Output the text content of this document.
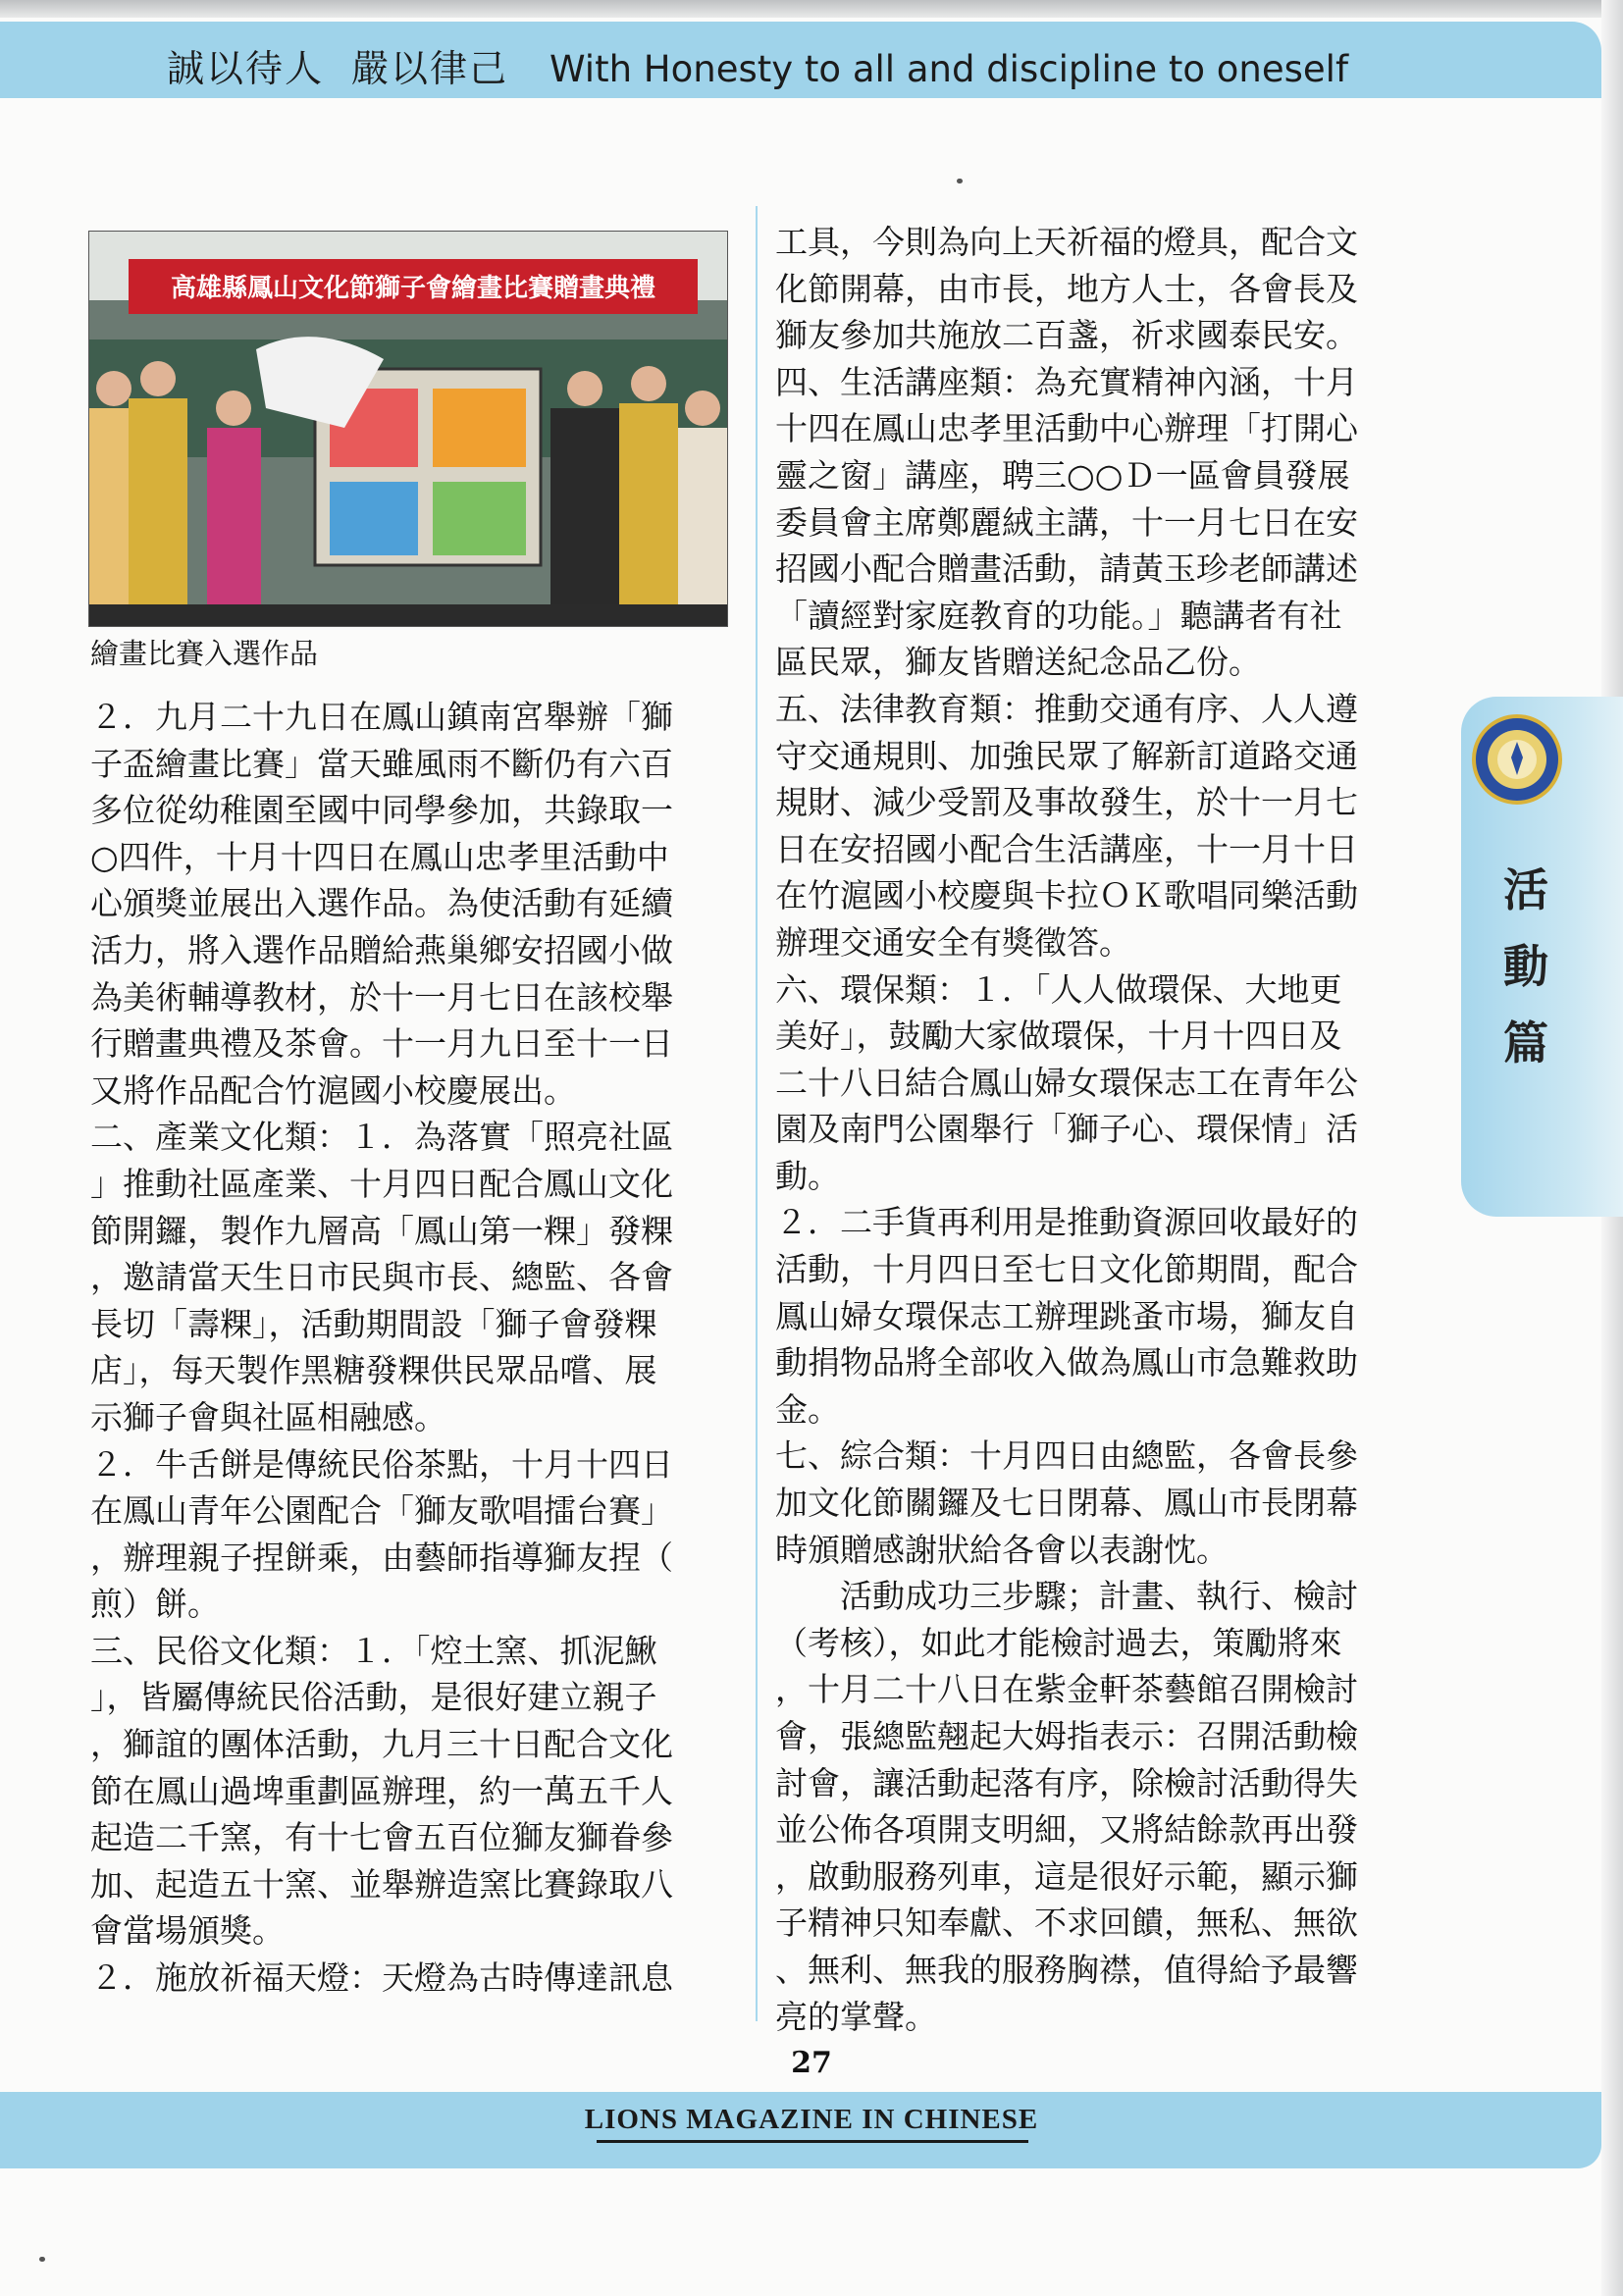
誠以待人 嚴以律己 With Honesty to all and discipline to oneself
高雄縣鳳山文化節獅子會繪畫比賽贈畫典禮
繪畫比賽入選作品

２．九月二十九日在鳳山鎮南宮舉辦「獅

子盃繪畫比賽」當天雖風雨不斷仍有六百

多位從幼稚園至國中同學參加，共錄取一

○四件，十月十四日在鳳山忠孝里活動中

心頒獎並展出入選作品。為使活動有延續

活力，將入選作品贈給燕巢鄉安招國小做

為美術輔導教材，於十一月七日在該校舉

行贈畫典禮及茶會。十一月九日至十一日

又將作品配合竹滬國小校慶展出。

二、產業文化類：１．為落實「照亮社區

」推動社區產業、十月四日配合鳳山文化

節開鑼，製作九層高「鳳山第一粿」發粿

，邀請當天生日市民與市長、總監、各會

長切「壽粿」，活動期間設「獅子會發粿

店」，每天製作黑糖發粿供民眾品嚐、展

示獅子會與社區相融感。

２．牛舌餅是傳統民俗茶點，十月十四日

在鳳山青年公園配合「獅友歌唱擂台賽」

，辦理親子捏餅乘，由藝師指導獅友捏（

煎）餅。

三、民俗文化類：１．「焢土窯、抓泥鰍

」，皆屬傳統民俗活動，是很好建立親子

，獅誼的團体活動，九月三十日配合文化

節在鳳山過埤重劃區辦理，約一萬五千人

起造二千窯，有十七會五百位獅友獅眷參

加、起造五十窯、並舉辦造窯比賽錄取八

會當場頒獎。

２．施放祈福天燈：天燈為古時傳達訊息

工具，今則為向上天祈福的燈具，配合文

化節開幕，由市長，地方人士，各會長及

獅友參加共施放二百盞，祈求國泰民安。

四、生活講座類：為充實精神內涵，十月

十四在鳳山忠孝里活動中心辦理「打開心

靈之窗」講座，聘三○○Ｄ一區會員發展

委員會主席鄭麗絨主講，十一月七日在安

招國小配合贈畫活動，請黃玉珍老師講述

「讀經對家庭教育的功能。」聽講者有社

區民眾，獅友皆贈送紀念品乙份。

五、法律教育類：推動交通有序、人人遵

守交通規則、加強民眾了解新訂道路交通

規財、減少受罰及事故發生，於十一月七

日在安招國小配合生活講座，十一月十日

在竹滬國小校慶與卡拉ＯＫ歌唱同樂活動

辦理交通安全有獎徵答。

六、環保類：１．「人人做環保、大地更

美好」，鼓勵大家做環保，十月十四日及

二十八日結合鳳山婦女環保志工在青年公

園及南門公園舉行「獅子心、環保情」活

動。

２．二手貨再利用是推動資源回收最好的

活動，十月四日至七日文化節期間，配合

鳳山婦女環保志工辦理跳蚤市場，獅友自

動捐物品將全部收入做為鳳山市急難救助

金。

七、綜合類：十月四日由總監，各會長參

加文化節關鑼及七日閉幕、鳳山市長閉幕

時頒贈感謝狀給各會以表謝忱。

活動成功三步驟；計畫、執行、檢討

（考核），如此才能檢討過去，策勵將來

，十月二十八日在紫金軒茶藝館召開檢討

會，張總監翹起大姆指表示：召開活動檢

討會，讓活動起落有序，除檢討活動得失

並公佈各項開支明細，又將結餘款再出發

，啟動服務列車，這是很好示範，顯示獅

子精神只知奉獻、不求回饋，無私、無欲

、無利、無我的服務胸襟，值得給予最響

亮的掌聲。

活
動
篇
27
LIONS MAGAZINE IN CHINESE
